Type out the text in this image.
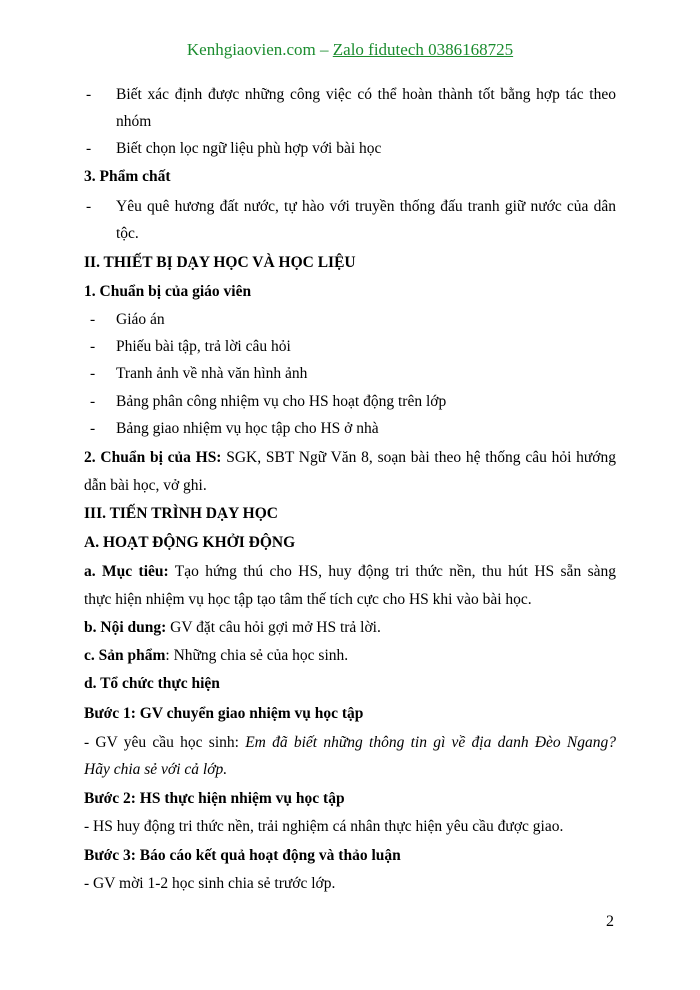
Kenhgiaovien.com – Zalo fidutech 0386168725
- Biết xác định được những công việc có thể hoàn thành tốt bằng hợp tác theo
nhóm
- Biết chọn lọc ngữ liệu phù hợp với bài học
3. Phẩm chất
- Yêu quê hương đất nước, tự hào với truyền thống đấu tranh giữ nước của dân
tộc.
II. THIẾT BỊ DẠY HỌC VÀ HỌC LIỆU
1. Chuẩn bị của giáo viên
- Giáo án
- Phiếu bài tập, trả lời câu hỏi
- Tranh ảnh về nhà văn hình ảnh
- Bảng phân công nhiệm vụ cho HS hoạt động trên lớp
- Bảng giao nhiệm vụ học tập cho HS ở nhà
2. Chuẩn bị của HS: SGK, SBT Ngữ Văn 8, soạn bài theo hệ thống câu hỏi hướng
dẫn bài học, vở ghi.
III. TIẾN TRÌNH DẠY HỌC
A. HOẠT ĐỘNG KHỞI ĐỘNG
a. Mục tiêu: Tạo hứng thú cho HS, huy động tri thức nền, thu hút HS sẵn sàng
thực hiện nhiệm vụ học tập tạo tâm thế tích cực cho HS khi vào bài học.
b. Nội dung: GV đặt câu hỏi gợi mở HS trả lời.
c. Sản phẩm: Những chia sẻ của học sinh.
d. Tổ chức thực hiện
Bước 1: GV chuyển giao nhiệm vụ học tập
- GV yêu cầu học sinh: Em đã biết những thông tin gì về địa danh Đèo Ngang?
Hãy chia sẻ với cả lớp.
Bước 2: HS thực hiện nhiệm vụ học tập
- HS huy động tri thức nền, trải nghiệm cá nhân thực hiện yêu cầu được giao.
Bước 3: Báo cáo kết quả hoạt động và thảo luận
- GV mời 1-2 học sinh chia sẻ trước lớp.
2
